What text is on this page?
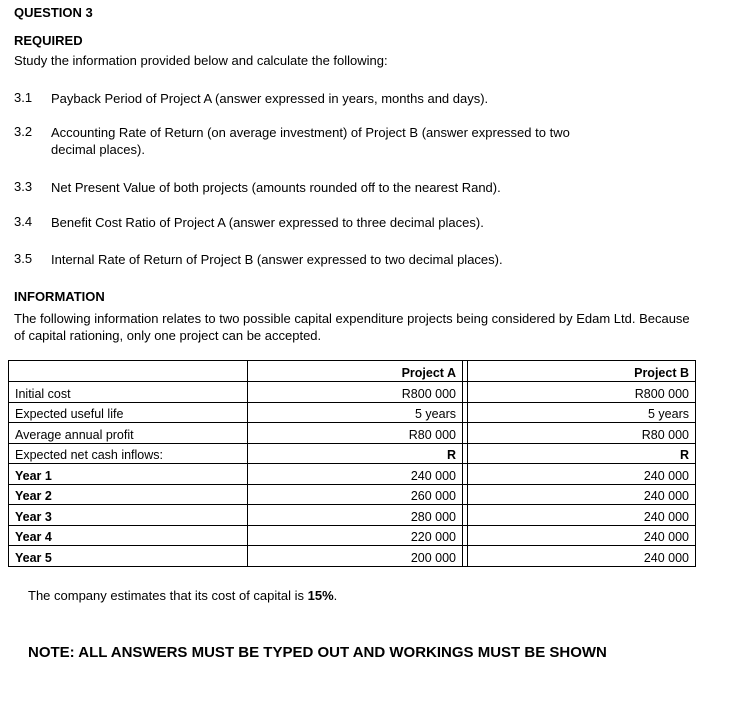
QUESTION 3
REQUIRED
Study the information provided below and calculate the following:
3.1 Payback Period of Project A (answer expressed in years, months and days).
3.2 Accounting Rate of Return (on average investment) of Project B (answer expressed to two decimal places).
3.3 Net Present Value of both projects (amounts rounded off to the nearest Rand).
3.4 Benefit Cost Ratio of Project A (answer expressed to three decimal places).
3.5 Internal Rate of Return of Project B (answer expressed to two decimal places).
INFORMATION
The following information relates to two possible capital expenditure projects being considered by Edam Ltd. Because of capital rationing, only one project can be accepted.
	Project A		Project B	
Initial cost	R800 000		R800 000	
Expected useful life	5 years		5 years	
Average annual profit	R80 000		R80 000	
Expected net cash inflows:	R		R	
Year 1	240 000		240 000	
Year 2	260 000		240 000	
Year 3	280 000		240 000	
Year 4	220 000		240 000	
Year 5	200 000		240 000	
The company estimates that its cost of capital is 15%.
NOTE: ALL ANSWERS MUST BE TYPED OUT AND WORKINGS MUST BE SHOWN
